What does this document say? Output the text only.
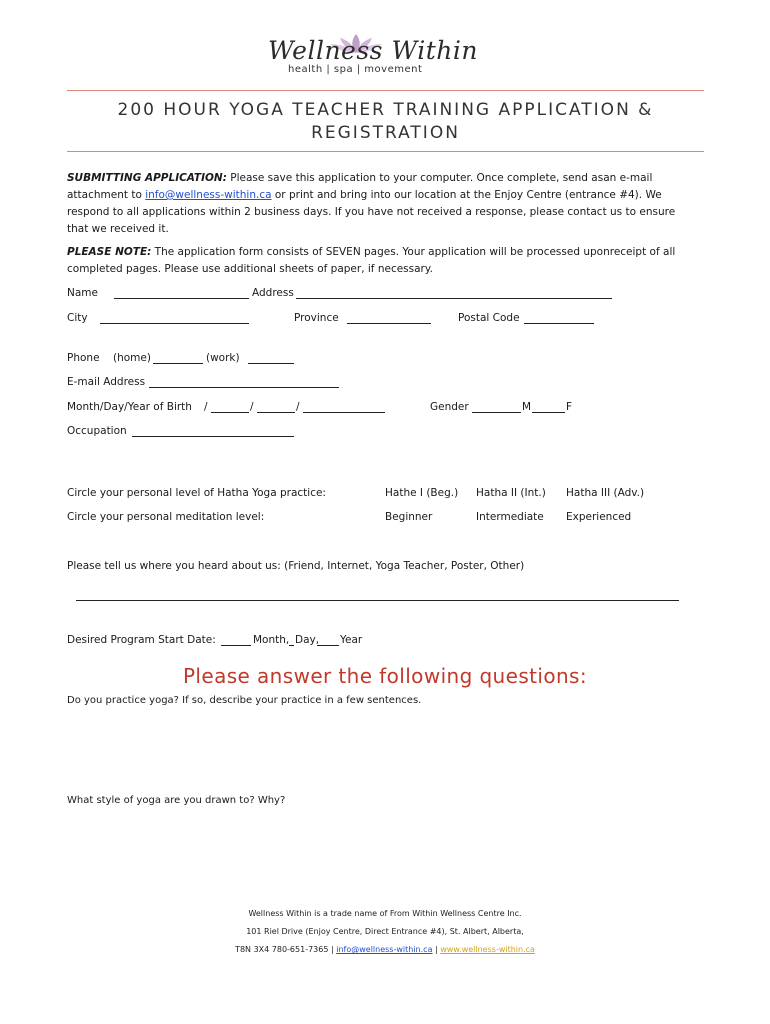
Wellness Within
health | spa | movement
200 HOUR YOGA TEACHER TRAINING APPLICATION & REGISTRATION
SUBMITTING APPLICATION: Please save this application to your computer. Once complete, send asan e-mail attachment to info@wellness-within.ca or print and bring into our location at the Enjoy Centre (entrance #4). We respond to all applications within 2 business days. If you have not received a response, please contact us to ensure that we received it.
PLEASE NOTE: The application form consists of SEVEN pages. Your application will be processed uponreceipt of all completed pages. Please use additional sheets of paper, if necessary.
Name	Address
City	Province	Postal Code
Phone (home)	(work)
E-mail Address
Month/Day/Year of Birth /	/	/	Gender	M	F
Occupation
Circle your personal level of Hatha Yoga practice:	Hathe I (Beg.) Hatha II (Int.) Hatha III (Adv.)
Circle your personal meditation level:	Beginner	Intermediate Experienced
Please tell us where you heard about us: (Friend, Internet, Yoga Teacher, Poster, Other)
Desired Program Start Date:	Month, Day, Year
Please answer the following questions:
Do you practice yoga? If so, describe your practice in a few sentences.
What style of yoga are you drawn to? Why?
Wellness Within is a trade name of From Within Wellness Centre Inc.
101 Riel Drive (Enjoy Centre, Direct Entrance #4), St. Albert, Alberta,
T8N 3X4 780-651-7365 | info@wellness-within.ca | www.wellness-within.ca
